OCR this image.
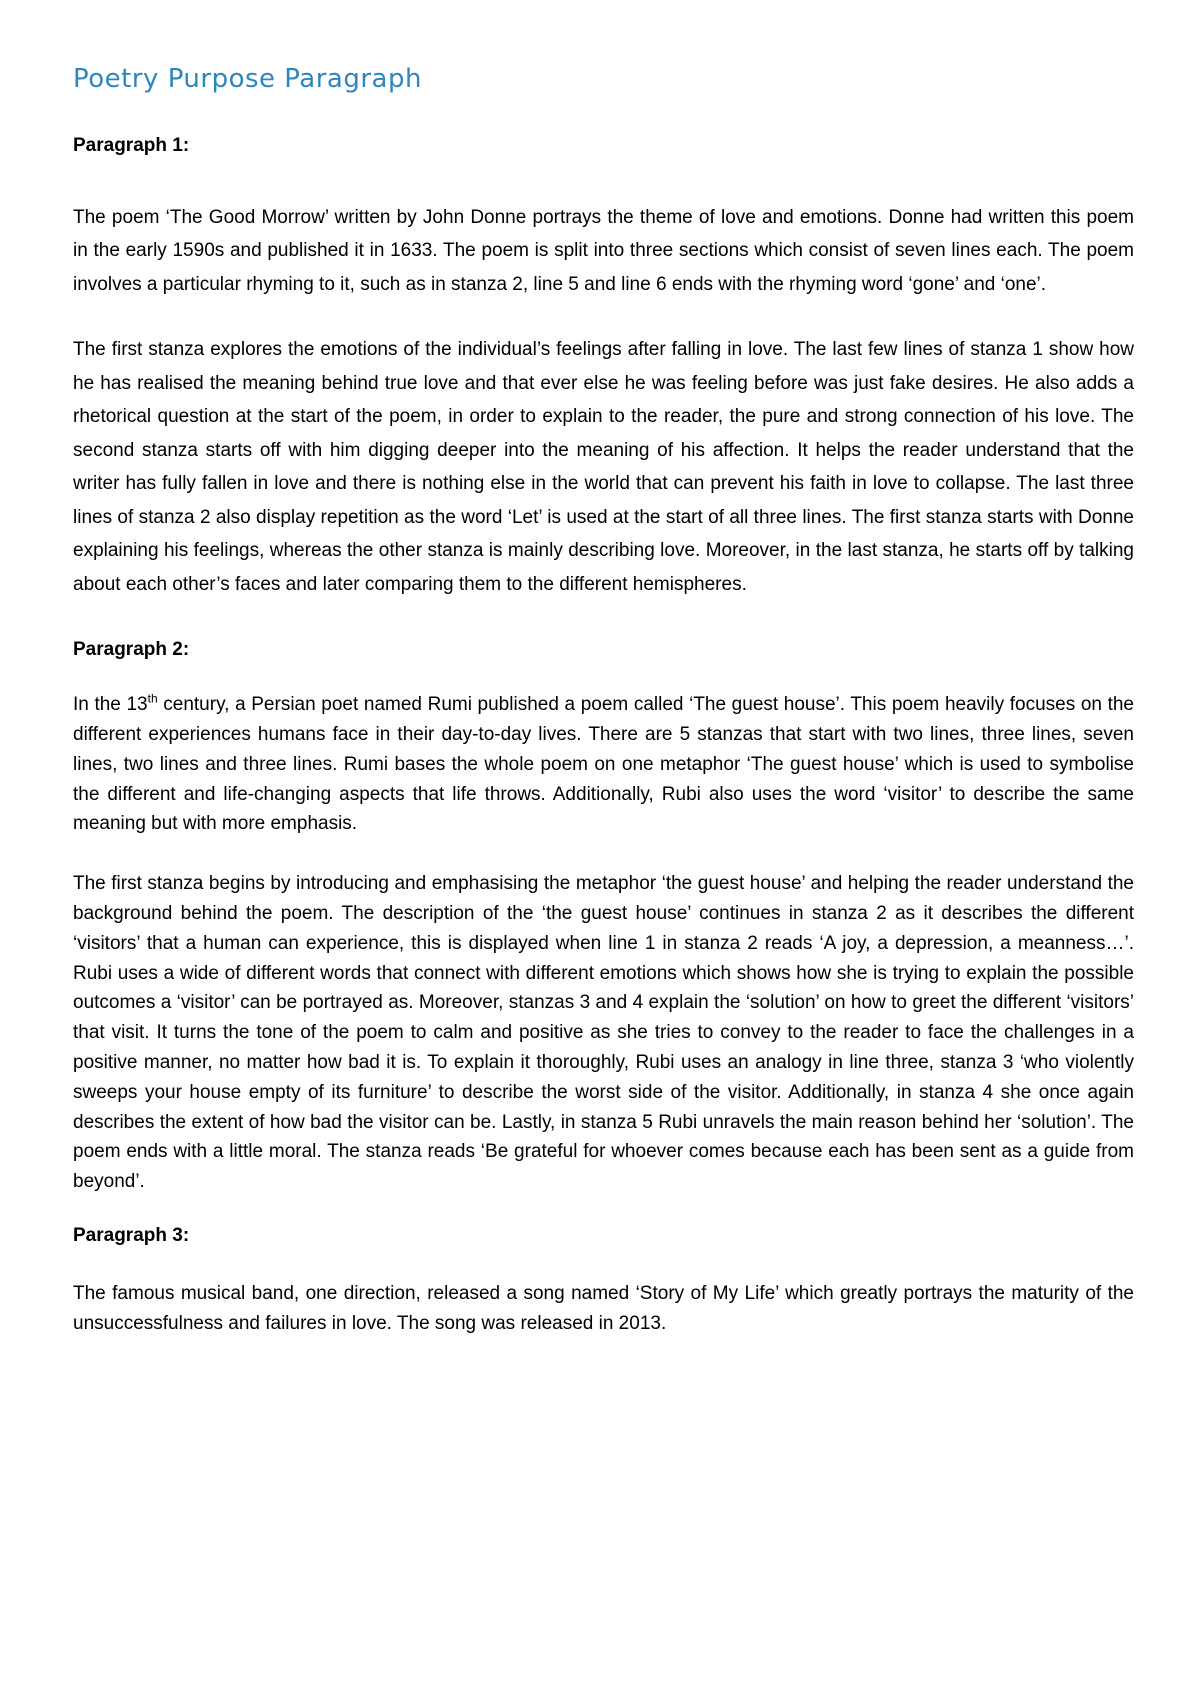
Poetry Purpose Paragraph

Paragraph 1:

The poem ‘The Good Morrow’ written by John Donne portrays the theme of love and emotions. Donne had written this poem in the early 1590s and published it in 1633. The poem is split into three sections which consist of seven lines each. The poem involves a particular rhyming to it, such as in stanza 2, line 5 and line 6 ends with the rhyming word ‘gone’ and ‘one’.

The first stanza explores the emotions of the individual’s feelings after falling in love. The last few lines of stanza 1 show how he has realised the meaning behind true love and that ever else he was feeling before was just fake desires. He also adds a rhetorical question at the start of the poem, in order to explain to the reader, the pure and strong connection of his love. The second stanza starts off with him digging deeper into the meaning of his affection. It helps the reader understand that the writer has fully fallen in love and there is nothing else in the world that can prevent his faith in love to collapse. The last three lines of stanza 2 also display repetition as the word ‘Let’ is used at the start of all three lines. The first stanza starts with Donne explaining his feelings, whereas the other stanza is mainly describing love. Moreover, in the last stanza, he starts off by talking about each other’s faces and later comparing them to the different hemispheres.

Paragraph 2:

In the 13th century, a Persian poet named Rumi published a poem called ‘The guest house’. This poem heavily focuses on the different experiences humans face in their day-to-day lives. There are 5 stanzas that start with two lines, three lines, seven lines, two lines and three lines. Rumi bases the whole poem on one metaphor ‘The guest house’ which is used to symbolise the different and life-changing aspects that life throws. Additionally, Rubi also uses the word ‘visitor’ to describe the same meaning but with more emphasis.

The first stanza begins by introducing and emphasising the metaphor ‘the guest house’ and helping the reader understand the background behind the poem. The description of the ‘the guest house’ continues in stanza 2 as it describes the different ‘visitors’ that a human can experience, this is displayed when line 1 in stanza 2 reads ‘A joy, a depression, a meanness…’. Rubi uses a wide of different words that connect with different emotions which shows how she is trying to explain the possible outcomes a ‘visitor’ can be portrayed as. Moreover, stanzas 3 and 4 explain the ‘solution’ on how to greet the different ‘visitors’ that visit. It turns the tone of the poem to calm and positive as she tries to convey to the reader to face the challenges in a positive manner, no matter how bad it is. To explain it thoroughly, Rubi uses an analogy in line three, stanza 3 ‘who violently sweeps your house empty of its furniture’ to describe the worst side of the visitor. Additionally, in stanza 4 she once again describes the extent of how bad the visitor can be. Lastly, in stanza 5 Rubi unravels the main reason behind her ‘solution’. The poem ends with a little moral. The stanza reads ‘Be grateful for whoever comes because each has been sent as a guide from beyond’.

Paragraph 3:

The famous musical band, one direction, released a song named ‘Story of My Life’ which greatly portrays the maturity of the unsuccessfulness and failures in love. The song was released in 2013.
